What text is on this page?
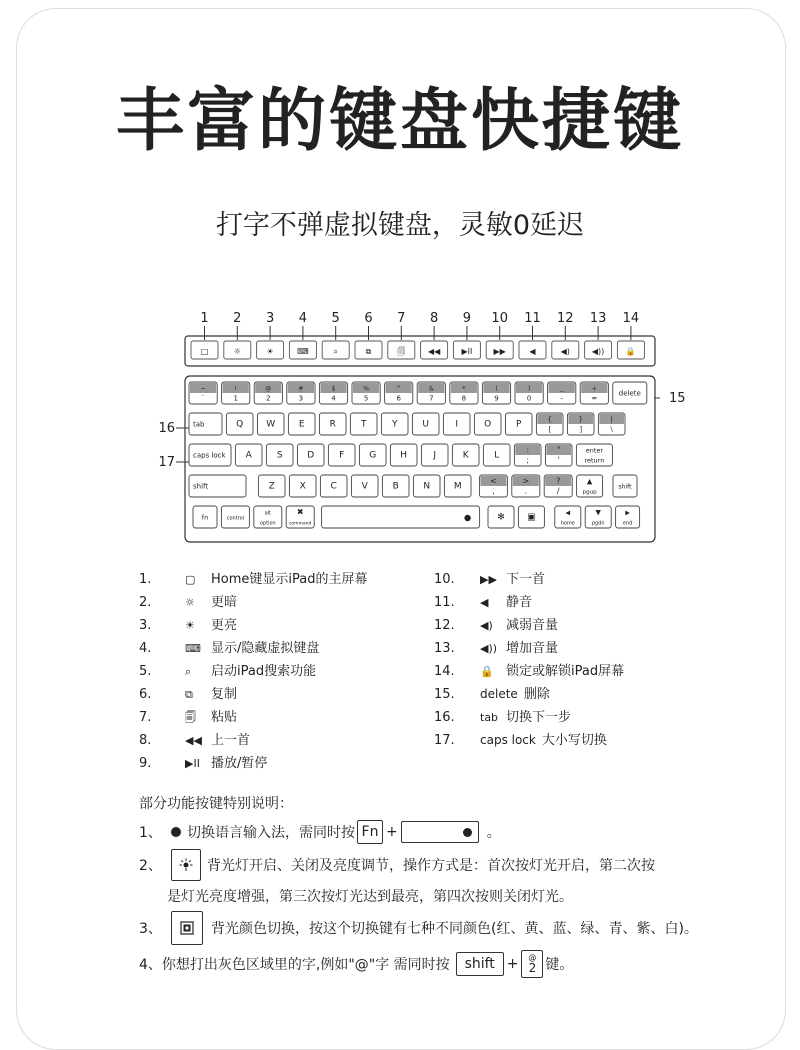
丰富的键盘快捷键
打字不弹虚拟键盘，灵敏0延迟
1 2 3 4 5 6 7 8 9 10 11 12 13 14
□	☼	☀	⌨	⌕	⧉	🗐	◀◀	▶II	▶▶	◀	◀)	◀))	🔒
~
`
!
1
@
2
#
3
$
4
%
5
^
6
&
7
*
8
(
9
)
0
_
-
+
=
delete
tab	Q	W	E	R	T	Y	U	I	O	P
{
[
}
]
|
\
caps lock A	S	D	F	G	H	J	K	L
:
;
"
'
enter
return
shift	Z	X	C	V	B	N	M
<
,
>
.
?
/
▲
pgup
shift
fn	control
alt
option
✖
command
✻ ▣	◀
home
▼
pgdn
▶
end
15
16
17
1.	▢	Home键显示iPad的主屏幕
2.	☼	更暗
3.	☀	更亮
4.	⌨ 显示/隐藏虚拟键盘
5.	⌕	启动iPad搜索功能
6.	⧉	复制
7.	🗐	粘贴
8.	◀◀ 上一首
9.	▶II 播放/暂停
10.	▶▶ 下一首
11.	◀	静音
12.	◀)	减弱音量
13.	◀)) 增加音量
14.	🔒 锁定或解锁iPad屏幕
15.	delete 删除
16.	tab 切换下一步
17.	caps lock 大小写切换
部分功能按键特别说明：
1、	切换语言输入法，需同时按 Fn +	。
2、	背光灯开启、关闭及亮度调节，操作方式是：首次按灯光开启，第二次按
是灯光亮度增强，第三次按灯光达到最亮，第四次按则关闭灯光。
3、	背光颜色切换，按这个切换键有七种不同颜色(红、黄、蓝、绿、青、紫、白)。
4、你想打出灰色区域里的字,例如"@"字 需同时按	shift + @
2 键。
